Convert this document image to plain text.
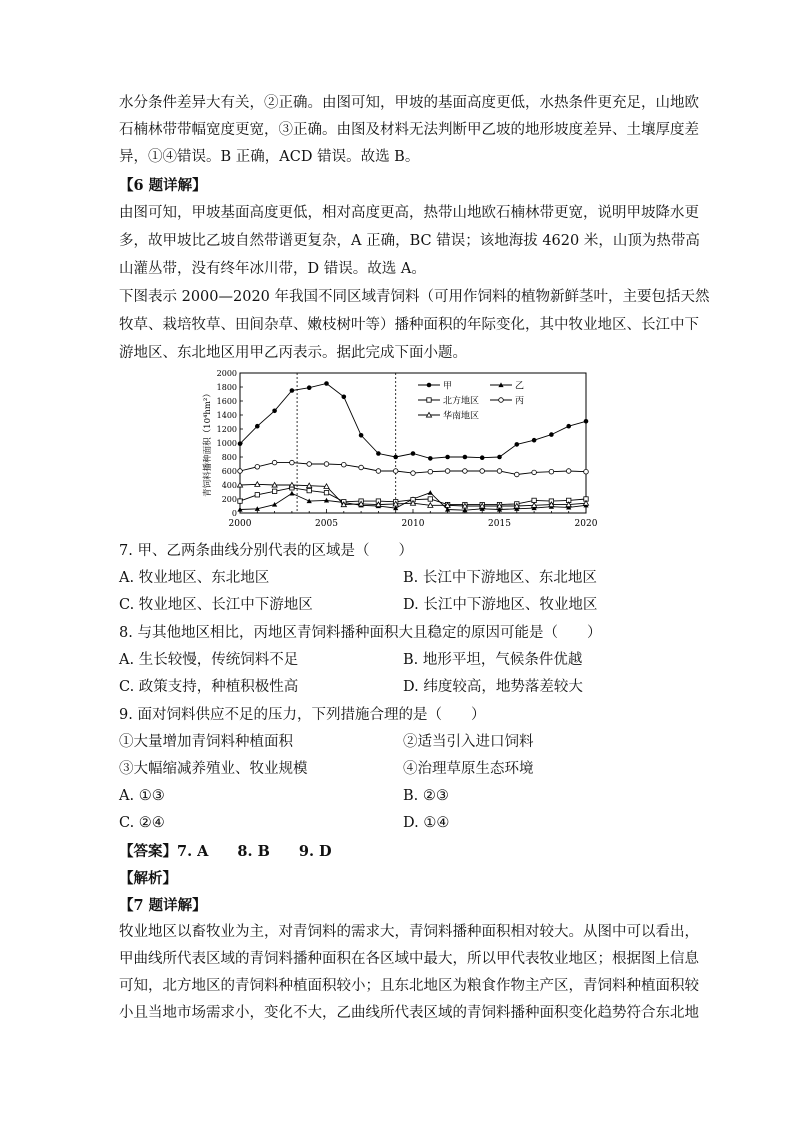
水分条件差异大有关，②正确。由图可知，甲坡的基面高度更低，水热条件更充足，山地欧

石楠林带带幅宽度更宽，③正确。由图及材料无法判断甲乙坡的地形坡度差异、土壤厚度差

异，①④错误。B 正确，ACD 错误。故选 B。

【6 题详解】

由图可知，甲坡基面高度更低，相对高度更高，热带山地欧石楠林带更宽，说明甲坡降水更

多，故甲坡比乙坡自然带谱更复杂，A 正确，BC 错误；该地海拔 4620 米，山顶为热带高

山灌丛带，没有终年冰川带，D 错误。故选 A。

下图表示 2000—2020 年我国不同区域青饲料（可用作饲料的植物新鲜茎叶，主要包括天然

牧草、栽培牧草、田间杂草、嫩枝树叶等）播种面积的年际变化，其中牧业地区、长江中下

游地区、东北地区用甲乙丙表示。据此完成下面小题。

0
200
400
600
800
1000
1200
1400
1600
1800
2000
2000	2005	2010	2015	2020
青饲料播种面积（10⁴hm²）
甲	乙
北方地区	丙
华南地区

7. 甲、乙两条曲线分别代表的区域是（　　）

A. 牧业地区、东北地区	B. 长江中下游地区、东北地区
C. 牧业地区、长江中下游地区	D. 长江中下游地区、牧业地区

8. 与其他地区相比，丙地区青饲料播种面积大且稳定的原因可能是（　　）

A. 生长较慢，传统饲料不足	B. 地形平坦，气候条件优越
C. 政策支持，种植积极性高	D. 纬度较高，地势落差较大

9. 面对饲料供应不足的压力，下列措施合理的是（　　）

①大量增加青饲料种植面积	②适当引入进口饲料
③大幅缩减养殖业、牧业规模	④治理草原生态环境
A. ①③	B. ②③
C. ②④	D. ①④

【答案】7. A　　8. B　　9. D

【解析】

【7 题详解】

牧业地区以畜牧业为主，对青饲料的需求大，青饲料播种面积相对较大。从图中可以看出，

甲曲线所代表区域的青饲料播种面积在各区域中最大，所以甲代表牧业地区；根据图上信息

可知，北方地区的青饲料种植面积较小；且东北地区为粮食作物主产区，青饲料种植面积较

小且当地市场需求小，变化不大，乙曲线所代表区域的青饲料播种面积变化趋势符合东北地
